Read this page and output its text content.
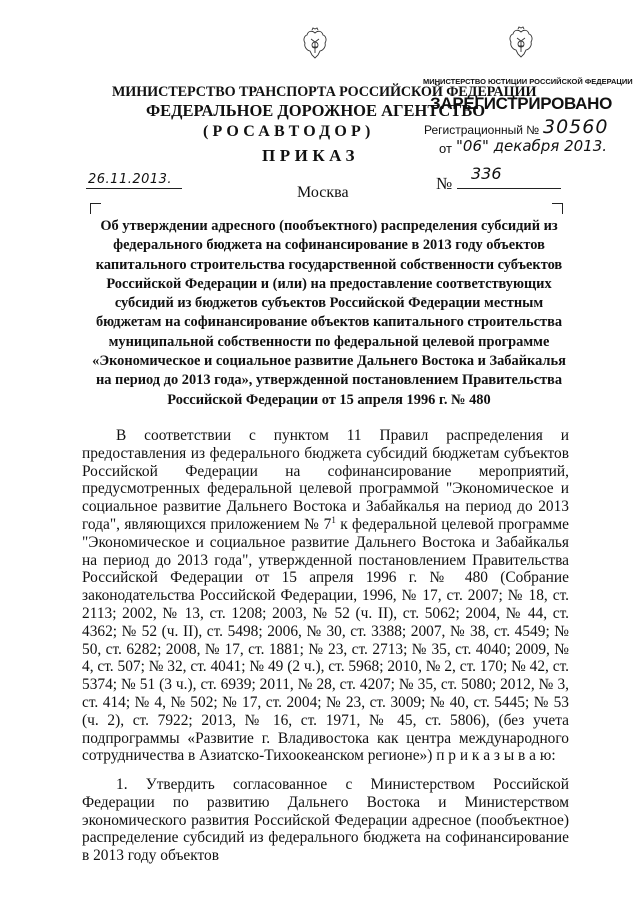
МИНИСТЕРСТВО ТРАНСПОРТА РОССИЙСКОЙ ФЕДЕРАЦИИ
ФЕДЕРАЛЬНОЕ ДОРОЖНОЕ АГЕНТСТВО
(РОСАВТОДОР)
ПРИКАЗ
МИНИСТЕРСТВО ЮСТИЦИИ РОССИЙСКОЙ ФЕДЕРАЦИИ
ЗАРЕГИСТРИРОВАНО
Регистрационный № 30560
от "06" декабря 2013.
26.11.2013.
Москва	№
336
Об утверждении адресного (пообъектного) распределения субсидий из федерального бюджета на софинансирование в 2013 году объектов капитального строительства государственной собственности субъектов Российской Федерации и (или) на предоставление соответствующих субсидий из бюджетов субъектов Российской Федерации местным бюджетам на софинансирование объектов капитального строительства муниципальной собственности по федеральной целевой программе «Экономическое и социальное развитие Дальнего Востока и Забайкалья на период до 2013 года», утвержденной постановлением Правительства Российской Федерации от 15 апреля 1996 г. № 480
В соответствии с пунктом 11 Правил распределения и предоставления из федерального бюджета субсидий бюджетам субъектов Российской Федерации на софинансирование мероприятий, предусмотренных федеральной целевой программой "Экономическое и социальное развитие Дальнего Востока и Забайкалья на период до 2013 года", являющихся приложением № $7^1$ к федеральной целевой программе "Экономическое и социальное развитие Дальнего Востока и Забайкалья на период до 2013 года", утвержденной постановлением Правительства Российской Федерации от 15 апреля 1996 г. № 480 (Собрание законодательства Российской Федерации, 1996, № 17, ст. 2007; № 18, ст. 2113; 2002, № 13, ст. 1208; 2003, № 52 (ч. II), ст. 5062; 2004, № 44, ст. 4362; № 52 (ч. II), ст. 5498; 2006, № 30, ст. 3388; 2007, № 38, ст. 4549; № 50, ст. 6282; 2008, № 17, ст. 1881; № 23, ст. 2713; № 35, ст. 4040; 2009, № 4, ст. 507; № 32, ст. 4041; № 49 (2 ч.), ст. 5968; 2010, № 2, ст. 170; № 42, ст. 5374; № 51 (3 ч.), ст. 6939; 2011, № 28, ст. 4207; № 35, ст. 5080; 2012, № 3, ст. 414; № 4, № 502; № 17, ст. 2004; № 23, ст. 3009; № 40, ст. 5445; № 53 (ч. 2), ст. 7922; 2013, № 16, ст. 1971, № 45, ст. 5806), (без учета подпрограммы «Развитие г. Владивостока как центра международного сотрудничества в Азиатско-Тихоокеанском регионе») п р и к а з ы в а ю:
1. Утвердить согласованное с Министерством Российской Федерации по развитию Дальнего Востока и Министерством экономического развития Российской Федерации адресное (пообъектное) распределение субсидий из федерального бюджета на софинансирование в 2013 году объектов
